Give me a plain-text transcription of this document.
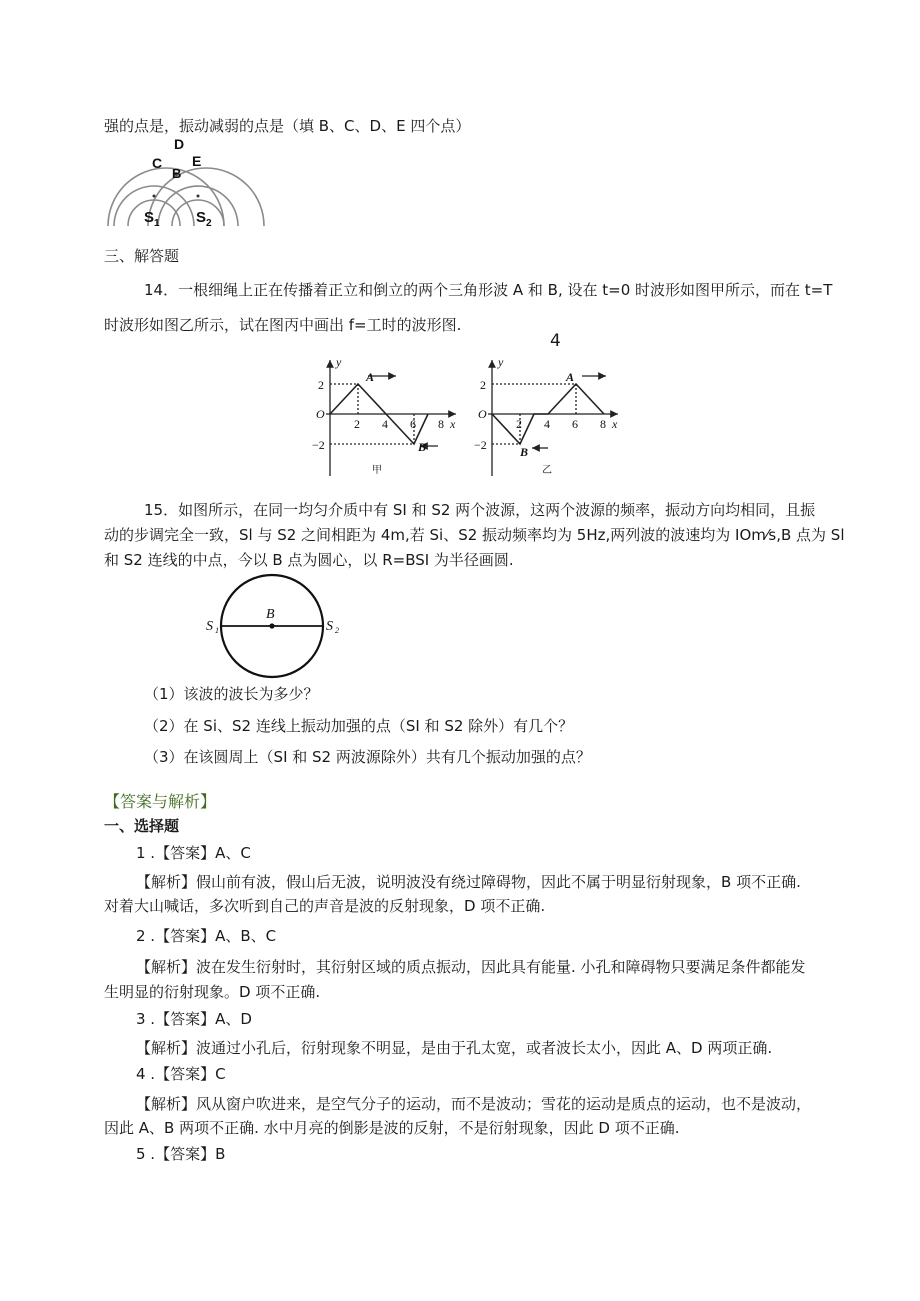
强的点是，振动减弱的点是（填 B、C、D、E 四个点）
D
C E
B
S 1 S 2
三、解答题
14．一根细绳上正在传播着正立和倒立的两个三角形波 A 和 B, 设在 t=0 时波形如图甲所示，而在 t=T
时波形如图乙所示，试在图丙中画出 f=工时的波形图.
4
y
x
O
2
−2
2 4 6 8
A
B
甲
y
x
O
2
−2
2 4 6 8
A
B
乙
15．如图所示，在同一均匀介质中有 SI 和 S2 两个波源，这两个波源的频率，振动方向均相同，且振
动的步调完全一致，Sl 与 S2 之间相距为 4m,若 Si、S2 振动频率均为 5Hz,两列波的波速均为 IOm⁄s,B 点为 Sl
和 S2 连线的中点，今以 B 点为圆心，以 R=BSI 为半径画圆.
B
S 1	S 2
（1）该波的波长为多少？
（2）在 Si、S2 连线上振动加强的点（SI 和 S2 除外）有几个？
（3）在该圆周上（SI 和 S2 两波源除外）共有几个振动加强的点？
【答案与解析】
一、选择题
1 .【答案】A、C
【解析】假山前有波，假山后无波，说明波没有绕过障碍物，因此不属于明显衍射现象，B 项不正确.
对着大山喊话，多次听到自己的声音是波的反射现象，D 项不正确.
2 .【答案】A、B、C
【解析】波在发生衍射时，其衍射区域的质点振动，因此具有能量. 小孔和障碍物只要满足条件都能发
生明显的衍射现象。D 项不正确.
3 .【答案】A、D
【解析】波通过小孔后，衍射现象不明显，是由于孔太宽，或者波长太小，因此 A、D 两项正确.
4 .【答案】C
【解析】风从窗户吹进来，是空气分子的运动，而不是波动；雪花的运动是质点的运动，也不是波动，
因此 A、B 两项不正确. 水中月亮的倒影是波的反射，不是衍射现象，因此 D 项不正确.
5 .【答案】B
